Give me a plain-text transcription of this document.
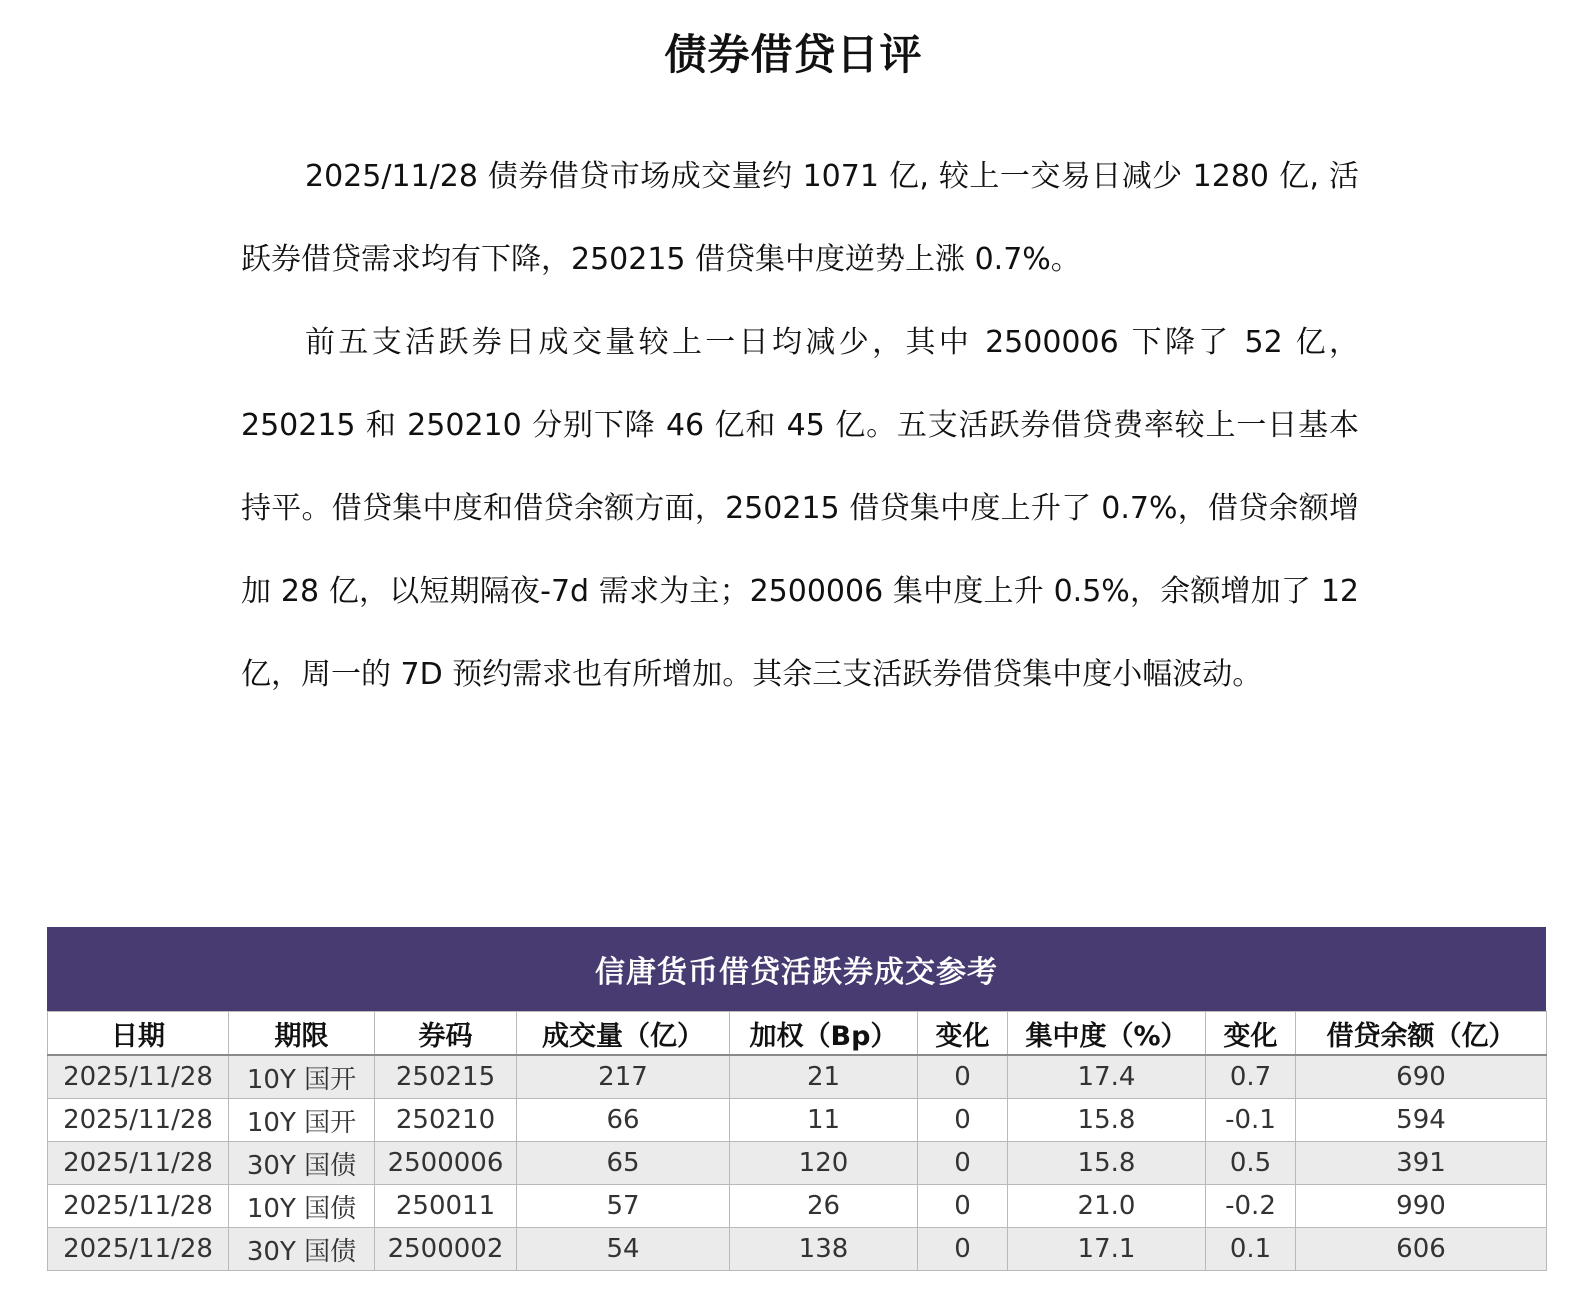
债券借贷日评

2025/11/28 债券借贷市场成交量约 1071 亿, 较上一交易日减少 1280 亿, 活跃券借贷需求均有下降，250215 借贷集中度逆势上涨 0.7%。

前五支活跃券日成交量较上一日均减少，其中 2500006 下降了 52 亿，250215 和 250210 分别下降 46 亿和 45 亿。五支活跃券借贷费率较上一日基本持平。借贷集中度和借贷余额方面，250215 借贷集中度上升了 0.7%，借贷余额增加 28 亿，以短期隔夜-7d 需求为主；2500006 集中度上升 0.5%，余额增加了 12 亿，周一的 7D 预约需求也有所增加。其余三支活跃券借贷集中度小幅波动。

信唐货币借贷活跃券成交参考
日期	期限	券码	成交量（亿）	加权（Bp）	变化	集中度（%）	变化	借贷余额（亿）
2025/11/28	10Y 国开	250215	217	21	0	17.4	0.7	690
2025/11/28	10Y 国开	250210	66	11	0	15.8	-0.1	594
2025/11/28	30Y 国债	2500006	65	120	0	15.8	0.5	391
2025/11/28	10Y 国债	250011	57	26	0	21.0	-0.2	990
2025/11/28	30Y 国债	2500002	54	138	0	17.1	0.1	606
